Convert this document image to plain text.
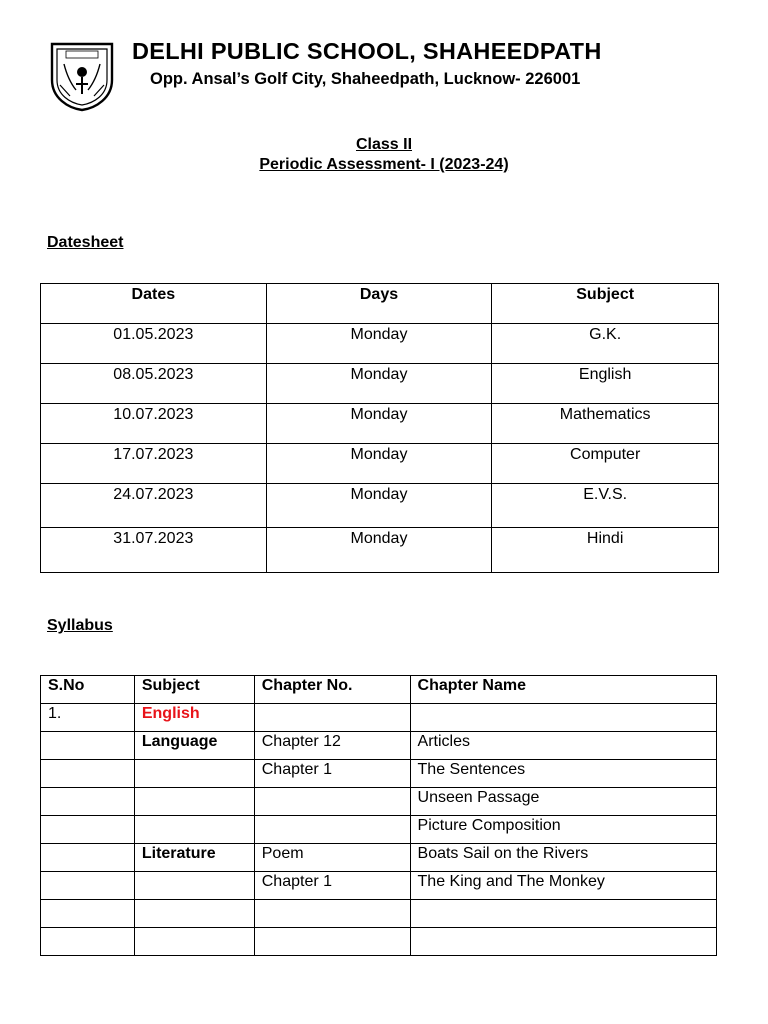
DELHI PUBLIC SCHOOL, SHAHEEDPATH
Opp. Ansal’s Golf City, Shaheedpath, Lucknow- 226001
Class II
Periodic Assessment- I (2023-24)
Datesheet
Dates	Days	Subject
01.05.2023	Monday	G.K.
08.05.2023	Monday	English
10.07.2023	Monday	Mathematics
17.07.2023	Monday	Computer
24.07.2023	Monday	E.V.S.
31.07.2023	Monday	Hindi
Syllabus
S.No	Subject	Chapter No.	Chapter Name
1.	English		
	Language	Chapter 12	Articles
		Chapter 1	The Sentences
			Unseen Passage
			Picture Composition
	Literature	Poem	Boats Sail on the Rivers
		Chapter 1	The King and The Monkey
